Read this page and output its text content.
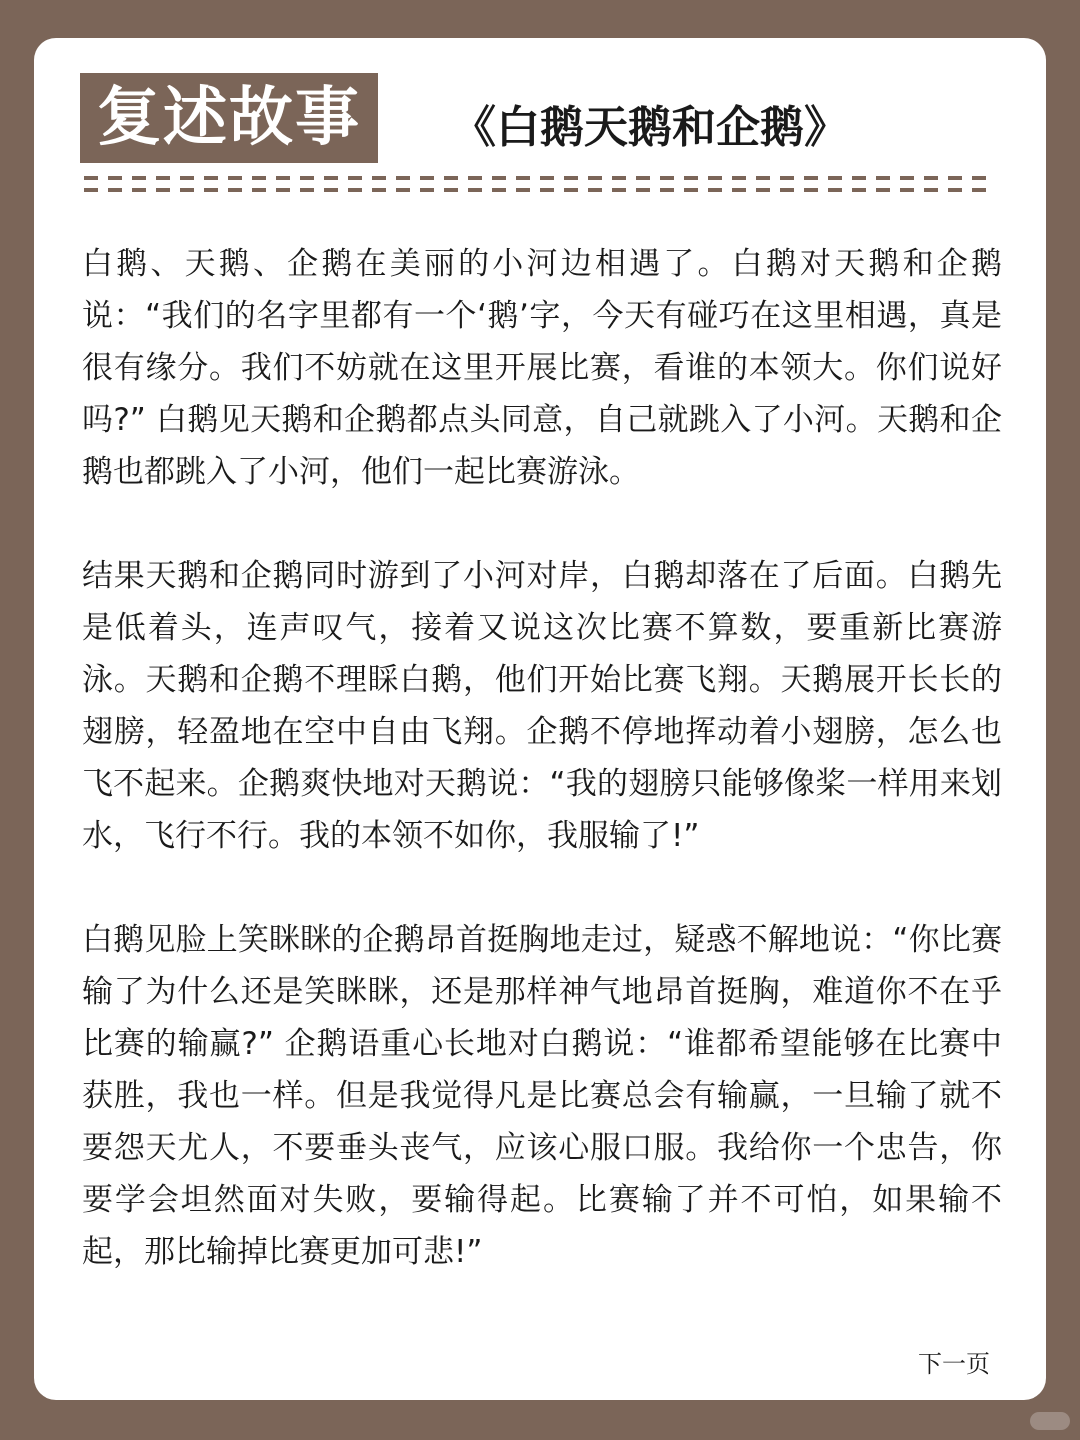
复述故事	《白鹅天鹅和企鹅》

白鹅、天鹅、企鹅在美丽的小河边相遇了。白鹅对天鹅和企鹅说：“我们的名字里都有一个‘鹅’字，今天有碰巧在这里相遇，真是很有缘分。我们不妨就在这里开展比赛，看谁的本领大。你们说好吗?” 白鹅见天鹅和企鹅都点头同意，自己就跳入了小河。天鹅和企鹅也都跳入了小河，他们一起比赛游泳。

结果天鹅和企鹅同时游到了小河对岸，白鹅却落在了后面。白鹅先是低着头，连声叹气，接着又说这次比赛不算数，要重新比赛游泳。天鹅和企鹅不理睬白鹅，他们开始比赛飞翔。天鹅展开长长的翅膀，轻盈地在空中自由飞翔。企鹅不停地挥动着小翅膀，怎么也飞不起来。企鹅爽快地对天鹅说：“我的翅膀只能够像桨一样用来划水，飞行不行。我的本领不如你，我服输了!”

白鹅见脸上笑眯眯的企鹅昂首挺胸地走过，疑惑不解地说：“你比赛输了为什么还是笑眯眯，还是那样神气地昂首挺胸，难道你不在乎比赛的输赢?” 企鹅语重心长地对白鹅说：“谁都希望能够在比赛中获胜，我也一样。但是我觉得凡是比赛总会有输赢，一旦输了就不要怨天尤人，不要垂头丧气，应该心服口服。我给你一个忠告，你要学会坦然面对失败，要输得起。比赛输了并不可怕，如果输不起，那比输掉比赛更加可悲!”

下一页
